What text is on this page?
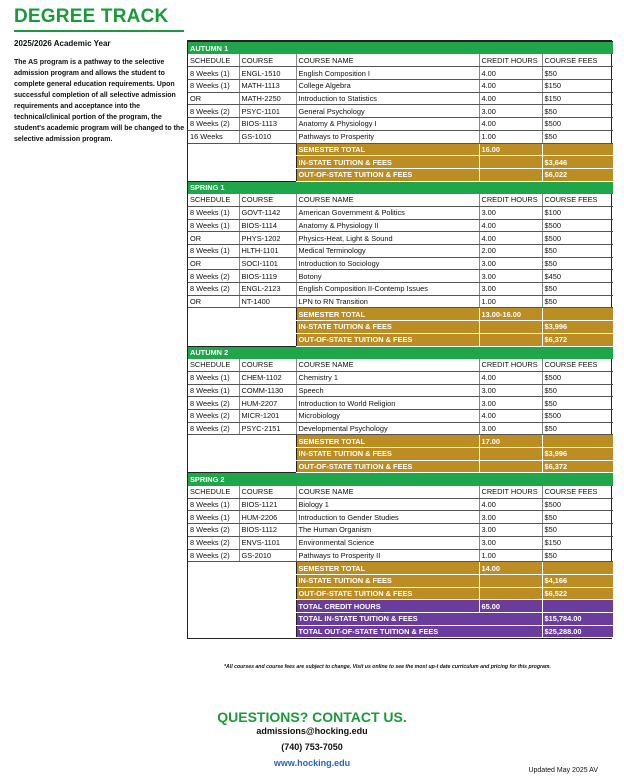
DEGREE TRACK
2025/2026 Academic Year
The AS program is a pathway to the selective admission program and allows the student to complete general education requirements. Upon successful completion of all selective admission requirements and acceptance into the technical/clinical portion of the program, the student's academic program will be changed to the selective admission program.
AUTUMN 1				
SCHEDULE	COURSE	COURSE NAME	CREDIT HOURS	COURSE FEES
8 Weeks (1)	ENGL-1510	English Composition I	4.00	$50
8 Weeks (1)	MATH-1113	College Algebra	4.00	$150
OR	MATH-2250	Introduction to Statistics	4.00	$150
8 Weeks (2)	PSYC-1101	General Psychology	3.00	$50
8 Weeks (2)	BIOS-1113	Anatomy & Physiology I	4.00	$500
16 Weeks	GS-1010	Pathways to Prosperity	1.00	$50
		SEMESTER TOTAL	16.00	
		IN-STATE TUITION & FEES		$3,646
		OUT-OF-STATE TUITION & FEES		$6,022
SPRING 1				
SCHEDULE	COURSE	COURSE NAME	CREDIT HOURS	COURSE FEES
8 Weeks (1)	GOVT-1142	American Government & Politics	3.00	$100
8 Weeks (1)	BIOS-1114	Anatomy & Physiology II	4.00	$500
OR	PHYS-1202	Physics-Heat, Light & Sound	4.00	$500
8 Weeks (1)	HLTH-1101	Medical Terminology	2.00	$50
OR	SOCI-1101	Introduction to Sociology	3.00	$50
8 Weeks (2)	BIOS-1119	Botony	3.00	$450
8 Weeks (2)	ENGL-2123	English Composition II-Contemp Issues	3.00	$50
OR	NT-1400	LPN to RN Transition	1.00	$50
		SEMESTER TOTAL	13.00-16.00	
		IN-STATE TUITION & FEES		$3,996
		OUT-OF-STATE TUITION & FEES		$6,372
AUTUMN 2				
SCHEDULE	COURSE	COURSE NAME	CREDIT HOURS	COURSE FEES
8 Weeks (1)	CHEM-1102	Chemistry 1	4.00	$500
8 Weeks (1)	COMM-1130	Speech	3.00	$50
8 Weeks (2)	HUM-2207	Introduction to World Religion	3.00	$50
8 Weeks (2)	MICR-1201	Microbiology	4.00	$500
8 Weeks (2)	PSYC-2151	Developmental Psychology	3.00	$50
		SEMESTER TOTAL	17.00	
		IN-STATE TUITION & FEES		$3,996
		OUT-OF-STATE TUITION & FEES		$6,372
SPRING 2				
SCHEDULE	COURSE	COURSE NAME	CREDIT HOURS	COURSE FEES
8 Weeks (1)	BIOS-1121	Biology 1	4.00	$500
8 Weeks (1)	HUM-2206	Introduction to Gender Studies	3.00	$50
8 Weeks (2)	BIOS-1112	The Human Organism	3.00	$50
8 Weeks (2)	ENVS-1101	Environmental Science	3.00	$150
8 Weeks (2)	GS-2010	Pathways to Prosperity II	1.00	$50
		SEMESTER TOTAL	14.00	
		IN-STATE TUITION & FEES		$4,166
		OUT-OF-STATE TUITION & FEES		$6,522
		TOTAL CREDIT HOURS	65.00	
		TOTAL IN-STATE TUITION & FEES		$15,784.00
		TOTAL OUT-OF-STATE TUITION & FEES		$25,288.00
*All courses and course fees are subject to change. Visit us online to see the most up-t date curriculum and pricing for this program.
QUESTIONS? CONTACT US.
admissions@hocking.edu
(740) 753-7050
www.hocking.edu
Updated May 2025 AV
